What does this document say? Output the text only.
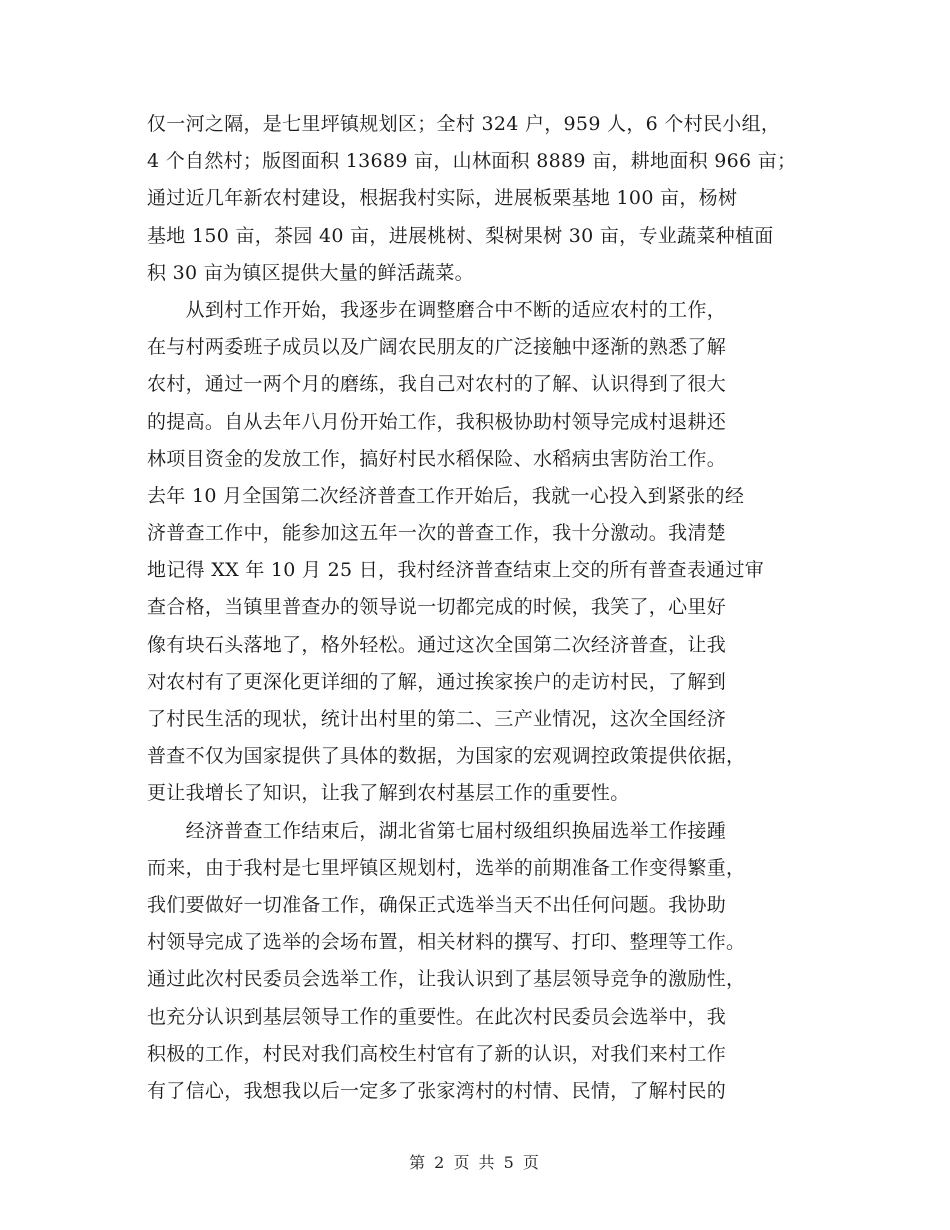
仅一河之隔，是七里坪镇规划区；全村 324 户，959 人，6 个村民小组，
4 个自然村；版图面积 13689 亩，山林面积 8889 亩，耕地面积 966 亩；
通过近几年新农村建设，根据我村实际，进展板栗基地 100 亩，杨树
基地 150 亩，茶园 40 亩，进展桃树、梨树果树 30 亩，专业蔬菜种植面
积 30 亩为镇区提供大量的鲜活蔬菜。
　　从到村工作开始，我逐步在调整磨合中不断的适应农村的工作，
在与村两委班子成员以及广阔农民朋友的广泛接触中逐渐的熟悉了解
农村，通过一两个月的磨练，我自己对农村的了解、认识得到了很大
的提高。自从去年八月份开始工作，我积极协助村领导完成村退耕还
林项目资金的发放工作，搞好村民水稻保险、水稻病虫害防治工作。
去年 10 月全国第二次经济普查工作开始后，我就一心投入到紧张的经
济普查工作中，能参加这五年一次的普查工作，我十分激动。我清楚
地记得 XX 年 10 月 25 日，我村经济普查结束上交的所有普查表通过审
查合格，当镇里普查办的领导说一切都完成的时候，我笑了，心里好
像有块石头落地了，格外轻松。通过这次全国第二次经济普查，让我
对农村有了更深化更详细的了解，通过挨家挨户的走访村民，了解到
了村民生活的现状，统计出村里的第二、三产业情况，这次全国经济
普查不仅为国家提供了具体的数据，为国家的宏观调控政策提供依据，
更让我增长了知识，让我了解到农村基层工作的重要性。
　　经济普查工作结束后，湖北省第七届村级组织换届选举工作接踵
而来，由于我村是七里坪镇区规划村，选举的前期准备工作变得繁重，
我们要做好一切准备工作，确保正式选举当天不出任何问题。我协助
村领导完成了选举的会场布置，相关材料的撰写、打印、整理等工作。
通过此次村民委员会选举工作，让我认识到了基层领导竞争的激励性，
也充分认识到基层领导工作的重要性。在此次村民委员会选举中，我
积极的工作，村民对我们高校生村官有了新的认识，对我们来村工作
有了信心，我想我以后一定多了张家湾村的村情、民情，了解村民的
第 2 页 共 5 页
